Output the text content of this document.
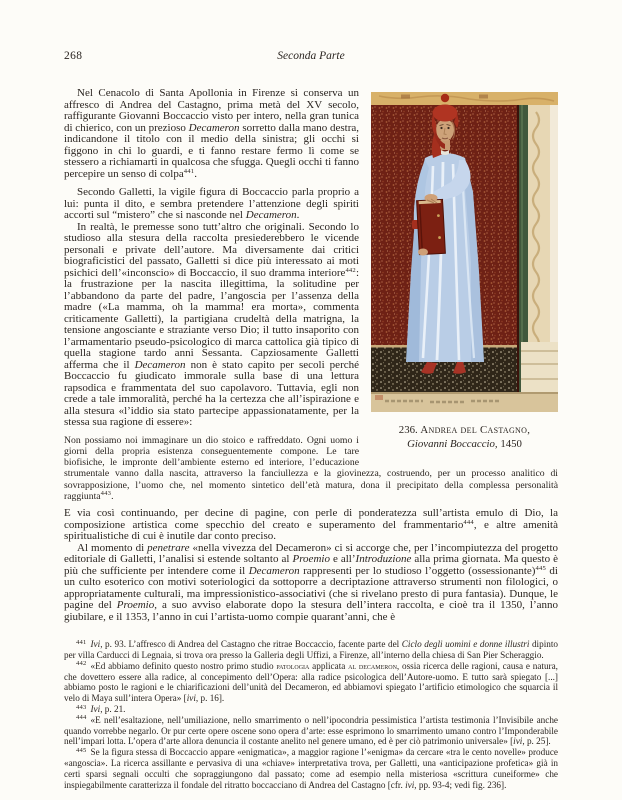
268	Seconda Parte
236. Andrea del Castagno,
Giovanni Boccaccio, 1450

Nel Cenacolo di Santa Apollonia in Firenze si conserva un affresco di Andrea del Castagno, prima metà del XV secolo, raffigurante Giovanni Boccaccio visto per intero, nella gran tunica di chierico, con un prezioso Decameron sorretto dalla mano destra, indicandone il titolo con il medio della sinistra; gli occhi si figgono in chi lo guardi, e ti fanno restare fermo lì come se stessero a richiamarti in qualcosa che sfugga. Quegli occhi ti fanno percepire un senso di colpa$^{441}$.

Secondo Galletti, la vigile figura di Boccaccio parla proprio a lui: punta il dito, e sembra pretendere l’attenzione degli spiriti accorti sul “mistero” che si nasconde nel Decameron.

In realtà, le premesse sono tutt’altro che originali. Secondo lo studioso alla stesura della raccolta presiederebbero le vicende personali e private dell’autore. Ma diversamente dai critici biograficistici del passato, Galletti si dice più interessato ai moti psichici dell’«inconscio» di Boccaccio, il suo dramma interiore$^{442}$: la frustrazione per la nascita illegittima, la solitudine per l’abbandono da parte del padre, l’angoscia per l’assenza della madre («La mamma, oh la mamma! era morta», commenta criticamente Galletti), la partigiana crudeltà della matrigna, la tensione angosciante e straziante verso Dio; il tutto insaporito con l’armamentario pseudo-psicologico di marca cattolica già tipico di quella stagione tardo anni Sessanta. Capziosamente Galletti afferma che il Decameron non è stato capito per secoli perché Boccaccio fu giudicato immorale sulla base di una lettura rapsodica e frammentata del suo capolavoro. Tuttavia, egli non crede a tale immoralità, perché ha la certezza che all’ispirazione e alla stesura «l’iddio sia stato partecipe appassionatamente, per la stessa sua ragione di essere»:

Non possiamo noi immaginare un dio stoico e raffreddato. Ogni uomo i giorni della propria esistenza conseguentemente compone. Le tare biofisiche, le impronte dell’ambiente esterno ed interiore, l’educazione strumentale vanno dalla nascita, attraverso la fanciullezza e la giovinezza, costruendo, per un processo analitico di sovrapposizione, l’uomo che, nel momento sintetico dell’età matura, dona il precipitato della complessa personalità raggiunta$^{443}$.

E via così continuando, per decine di pagine, con perle di ponderatezza sull’artista emulo di Dio, la composizione artistica come specchio del creato e superamento del frammentario$^{444}$, e altre amenità spiritualistiche di cui è inutile dar conto preciso.

Al momento di penetrare «nella vivezza del Decameron» ci si accorge che, per l’incompiutezza del progetto editoriale di Galletti, l’analisi si estende soltanto al Proemio e all’Introduzione alla prima giornata. Ma questo è più che sufficiente per intendere come il Decameron rappresenti per lo studioso l’oggetto (ossessionante)$^{445}$ di un culto esoterico con motivi soteriologici da sottoporre a decriptazione attraverso strumenti non filologici, o appropriatamente culturali, ma impressionistico-associativi (che si rivelano presto di pura fantasia). Dunque, le pagine del Proemio, a suo avviso elaborate dopo la stesura dell’intera raccolta, e cioè tra il 1350, l’anno giubilare, e il 1353, l’anno in cui l’artista-uomo compie quarant’anni, che è

$^{441}$ Ivi, p. 93. L’affresco di Andrea del Castagno che ritrae Boccaccio, facente parte del Ciclo degli uomini e donne illustri dipinto per villa Carducci di Legnaia, si trova ora presso la Galleria degli Uffizi, a Firenze, all’interno della chiesa di San Pier Scheraggio.

$^{442}$ «Ed abbiamo definito questo nostro primo studio patologia applicata al decameron, ossia ricerca delle ragioni, causa e natura, che dovettero essere alla radice, al concepimento dell’Opera: alla radice psicologica dell’Autore-uomo. E tutto sarà spiegato [...] abbiamo posto le ragioni e le chiarificazioni dell’unità del Decameron, ed abbiamovi spiegato l’artificio etimologico che squarcia il velo di Maya sull’intera Opera» [ivi, p. 16].

$^{443}$ Ivi, p. 21.

$^{444}$ «E nell’esaltazione, nell’umiliazione, nello smarrimento o nell’ipocondria pessimistica l’artista testimonia l’Invisibile anche quando vorrebbe negarlo. Or pur certe opere oscene sono opera d’arte: esse esprimono lo smarrimento umano contro l’Imponderabile nell’impari lotta. L’opera d’arte allora denuncia il costante anelito nel genere umano, ed è per ciò patrimonio universale» [ivi, p. 25].

$^{445}$ Se la figura stessa di Boccaccio appare «enigmatica», a maggior ragione l’«enigma» da cercare «tra le cento novelle» produce «angoscia». La ricerca assillante e pervasiva di una «chiave» interpretativa trova, per Galletti, una «anticipazione profetica» già in certi sparsi segnali occulti che sopraggiungono dal passato; come ad esempio nella misteriosa «scrittura cuneiforme» che inspiegabilmente caratterizza il fondale del ritratto boccacciano di Andrea del Castagno [cfr. ivi, pp. 93-4; vedi fig. 236].
